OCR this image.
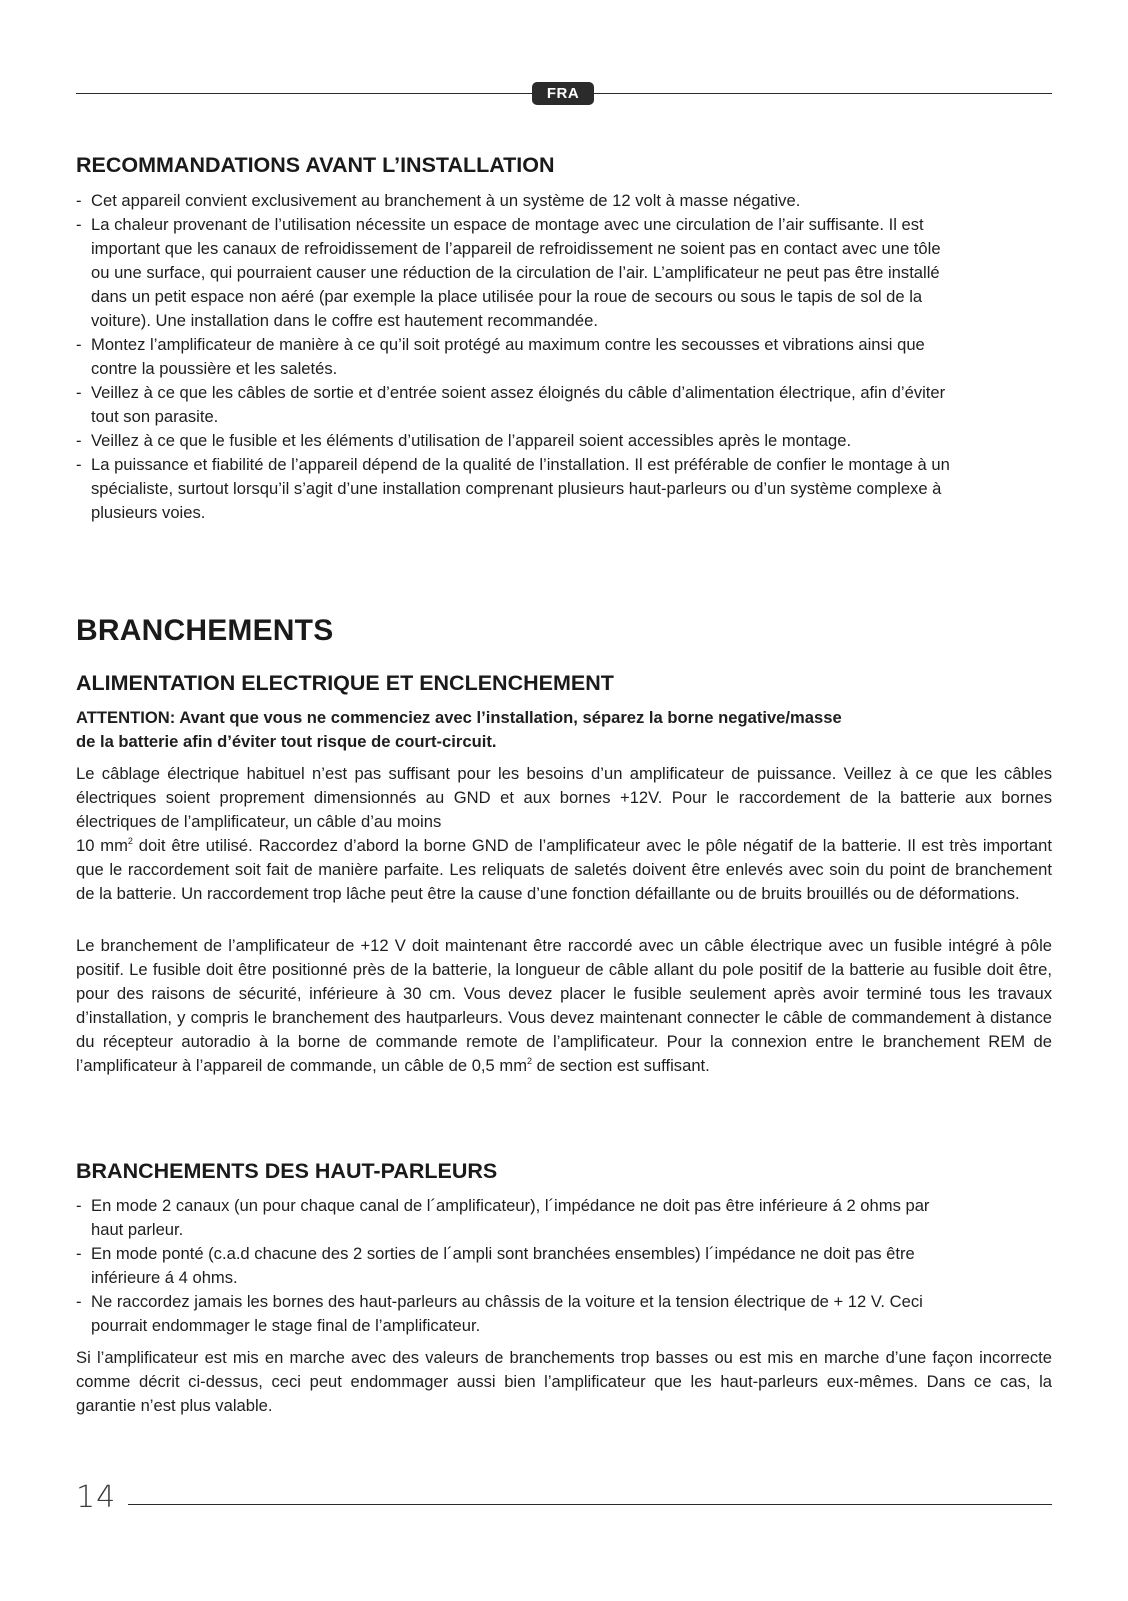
FRA
RECOMMANDATIONS AVANT L’INSTALLATION
- Cet appareil convient exclusivement au branchement à un système de 12 volt à masse négative.
- La chaleur provenant de l’utilisation nécessite un espace de montage avec une circulation de l’air suffisante. Il est important que les canaux de refroidissement de l’appareil de refroidissement ne soient pas en contact avec une tôle ou une surface, qui pourraient causer une réduction de la circulation de l’air. L’amplificateur ne peut pas être installé dans un petit espace non aéré (par exemple la place utilisée pour la roue de secours ou sous le tapis de sol de la voiture). Une installation dans le coffre est hautement recommandée.
- Montez l’amplificateur de manière à ce qu’il soit protégé au maximum contre les secousses et vibrations ainsi que contre la poussière et les saletés.
- Veillez à ce que les câbles de sortie et d’entrée soient assez éloignés du câble d’alimentation électrique, afin d’éviter tout son parasite.
- Veillez à ce que le fusible et les éléments d’utilisation de l’appareil soient accessibles après le montage.
- La puissance et fiabilité de l’appareil dépend de la qualité de l’installation. Il est préférable de confier le montage à un spécialiste, surtout lorsqu’il s’agit d’une installation comprenant plusieurs haut-parleurs ou d’un système complexe à plusieurs voies.
BRANCHEMENTS
ALIMENTATION ELECTRIQUE ET ENCLENCHEMENT

ATTENTION: Avant que vous ne commenciez avec l’installation, séparez la borne negative/masse de la batterie afin d’éviter tout risque de court-circuit.

Le câblage électrique habituel n’est pas suffisant pour les besoins d’un amplificateur de puissance. Veillez à ce que les câbles électriques soient proprement dimensionnés au GND et aux bornes +12V. Pour le raccordement de la batterie aux bornes électriques de l’amplificateur, un câble d’au moins

10 $mm^2$ doit être utilisé. Raccordez d’abord la borne GND de l’amplificateur avec le pôle négatif de la batterie. Il est très important que le raccordement soit fait de manière parfaite. Les reliquats de saletés doivent être enlevés avec soin du point de branchement de la batterie. Un raccordement trop lâche peut être la cause d’une fonction défaillante ou de bruits brouillés ou de déformations.

Le branchement de l’amplificateur de +12 V doit maintenant être raccordé avec un câble électrique avec un fusible intégré à pôle positif. Le fusible doit être positionné près de la batterie, la longueur de câble allant du pole positif de la batterie au fusible doit être, pour des raisons de sécurité, inférieure à 30 cm. Vous devez placer le fusible seulement après avoir terminé tous les travaux d’installation, y compris le branchement des hautparleurs. Vous devez maintenant connecter le câble de commandement à distance du récepteur autoradio à la borne de commande remote de l’amplificateur. Pour la connexion entre le branchement REM de l’amplificateur à l’appareil de commande, un câble de 0,5 $mm^2$ de section est suffisant.

BRANCHEMENTS DES HAUT-PARLEURS
- En mode 2 canaux (un pour chaque canal de l´amplificateur), l´impédance ne doit pas être inférieure á 2 ohms par haut parleur.
- En mode ponté (c.a.d chacune des 2 sorties de l´ampli sont branchées ensembles) l´impédance ne doit pas être inférieure á 4 ohms.
- Ne raccordez jamais les bornes des haut-parleurs au châssis de la voiture et la tension électrique de + 12 V. Ceci pourrait endommager le stage final de l’amplificateur.

Si l’amplificateur est mis en marche avec des valeurs de branchements trop basses ou est mis en marche d’une façon incorrecte comme décrit ci-dessus, ceci peut endommager aussi bien l’amplificateur que les haut-parleurs eux-mêmes. Dans ce cas, la garantie n’est plus valable.

14
